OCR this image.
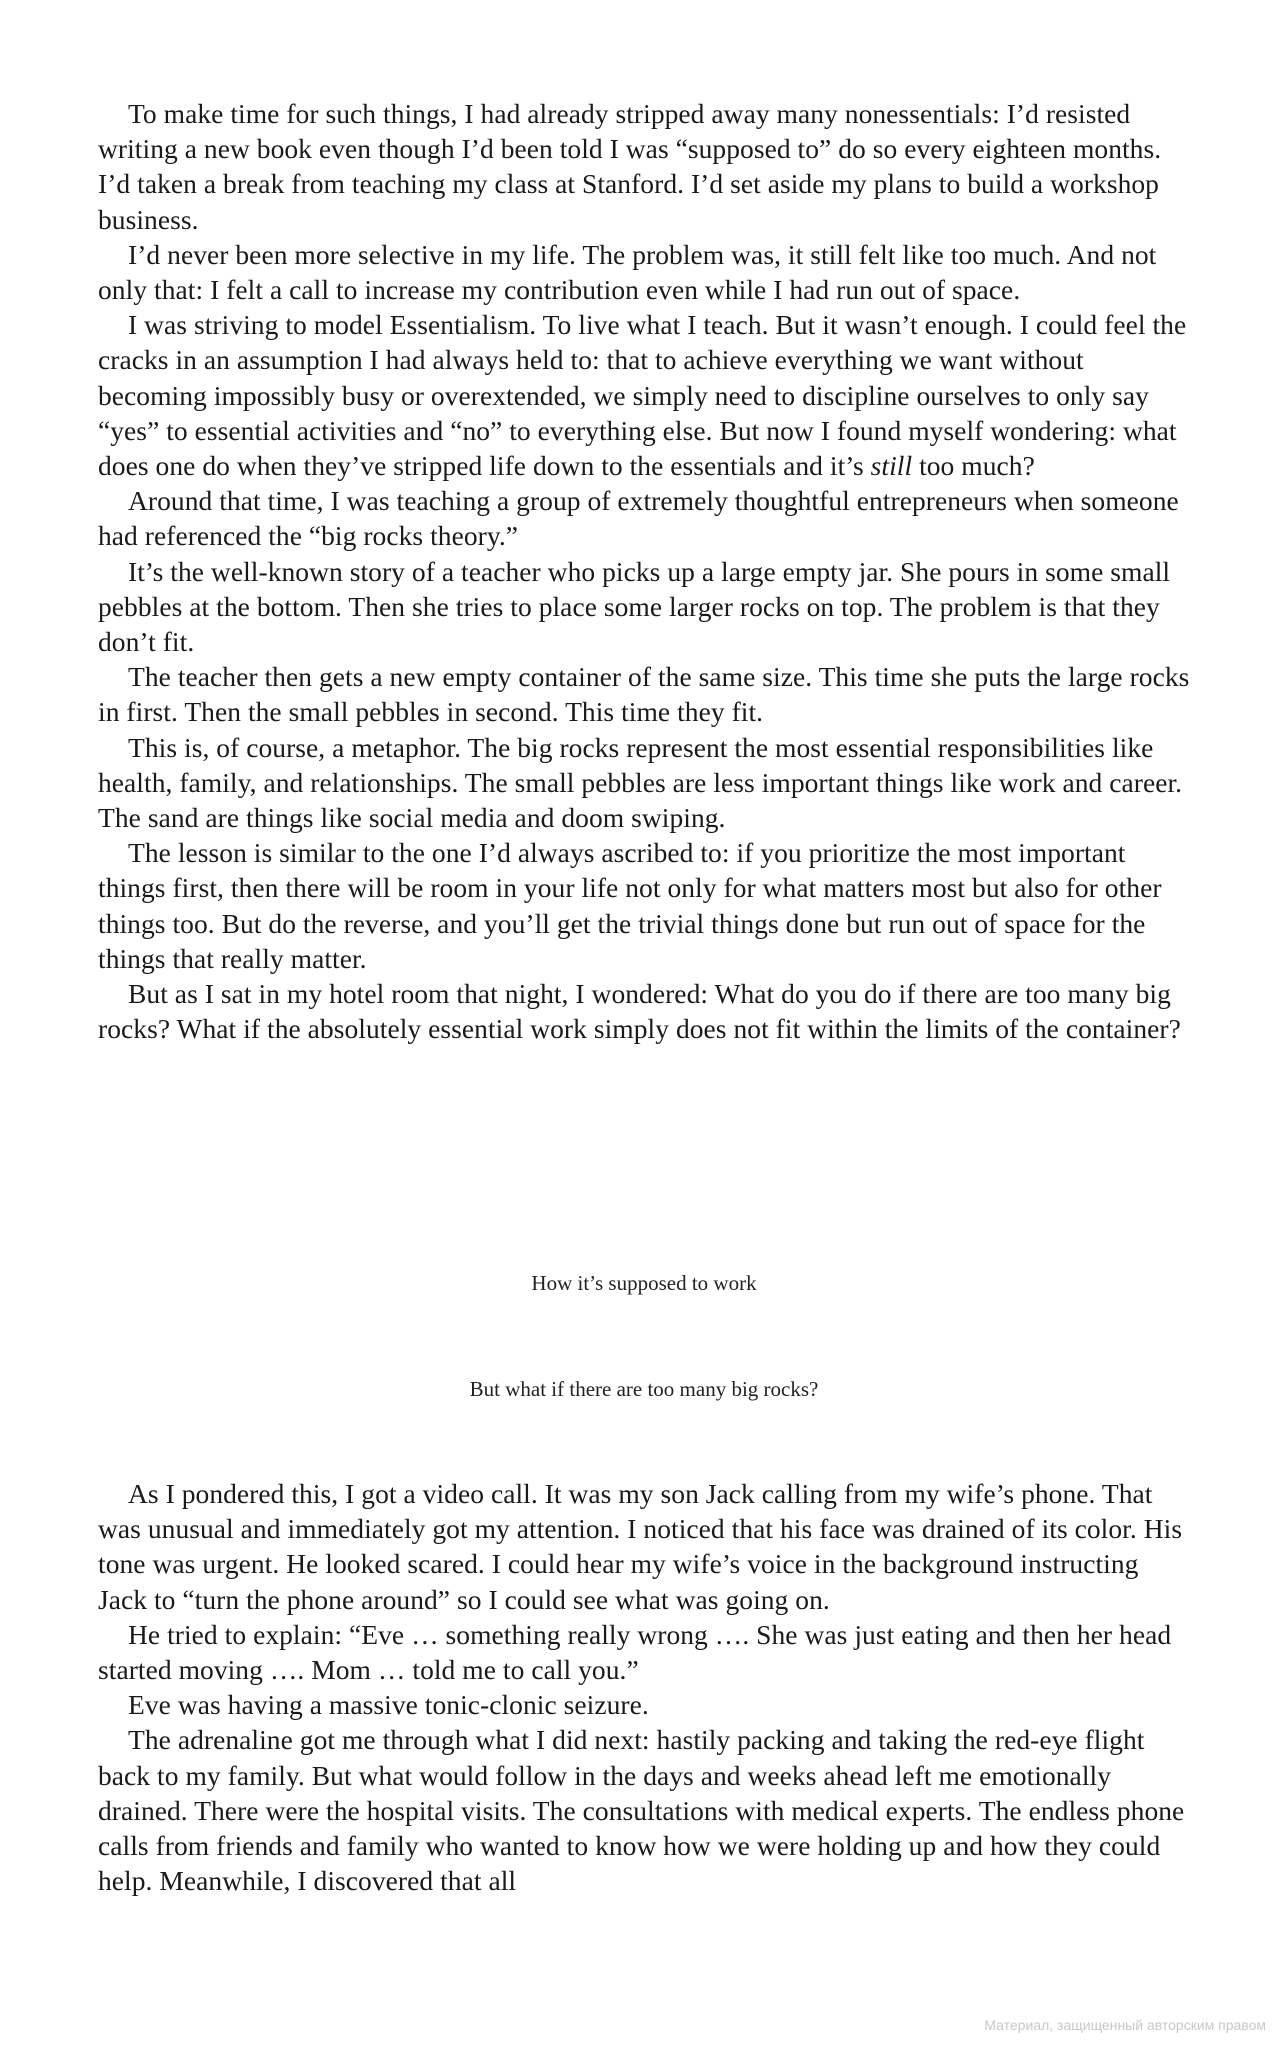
To make time for such things, I had already stripped away many nonessentials: I’d resisted writing a new book even though I’d been told I was “supposed to” do so every eighteen months. I’d taken a break from teaching my class at Stanford. I’d set aside my plans to build a workshop business.

I’d never been more selective in my life. The problem was, it still felt like too much. And not only that: I felt a call to increase my contribution even while I had run out of space.

I was striving to model Essentialism. To live what I teach. But it wasn’t enough. I could feel the cracks in an assumption I had always held to: that to achieve everything we want without becoming impossibly busy or overextended, we simply need to discipline ourselves to only say “yes” to essential activities and “no” to everything else. But now I found myself wondering: what does one do when they’ve stripped life down to the essentials and it’s still too much?

Around that time, I was teaching a group of extremely thoughtful entrepreneurs when someone had referenced the “big rocks theory.”

It’s the well-known story of a teacher who picks up a large empty jar. She pours in some small pebbles at the bottom. Then she tries to place some larger rocks on top. The problem is that they don’t fit.

The teacher then gets a new empty container of the same size. This time she puts the large rocks in first. Then the small pebbles in second. This time they fit.

This is, of course, a metaphor. The big rocks represent the most essential responsibilities like health, family, and relationships. The small pebbles are less important things like work and career. The sand are things like social media and doom swiping.

The lesson is similar to the one I’d always ascribed to: if you prioritize the most important things first, then there will be room in your life not only for what matters most but also for other things too. But do the reverse, and you’ll get the trivial things done but run out of space for the things that really matter.

But as I sat in my hotel room that night, I wondered: What do you do if there are too many big rocks? What if the absolutely essential work simply does not fit within the limits of the container?

How it’s supposed to work

But what if there are too many big rocks?

As I pondered this, I got a video call. It was my son Jack calling from my wife’s phone. That was unusual and immediately got my attention. I noticed that his face was drained of its color. His tone was urgent. He looked scared. I could hear my wife’s voice in the background instructing Jack to “turn the phone around” so I could see what was going on.

He tried to explain: “Eve … something really wrong …. She was just eating and then her head started moving …. Mom … told me to call you.”

Eve was having a massive tonic-clonic seizure.

The adrenaline got me through what I did next: hastily packing and taking the red-eye flight back to my family. But what would follow in the days and weeks ahead left me emotionally drained. There were the hospital visits. The consultations with medical experts. The endless phone calls from friends and family who wanted to know how we were holding up and how they could help. Meanwhile, I discovered that all

Материал, защищенный авторским правом
